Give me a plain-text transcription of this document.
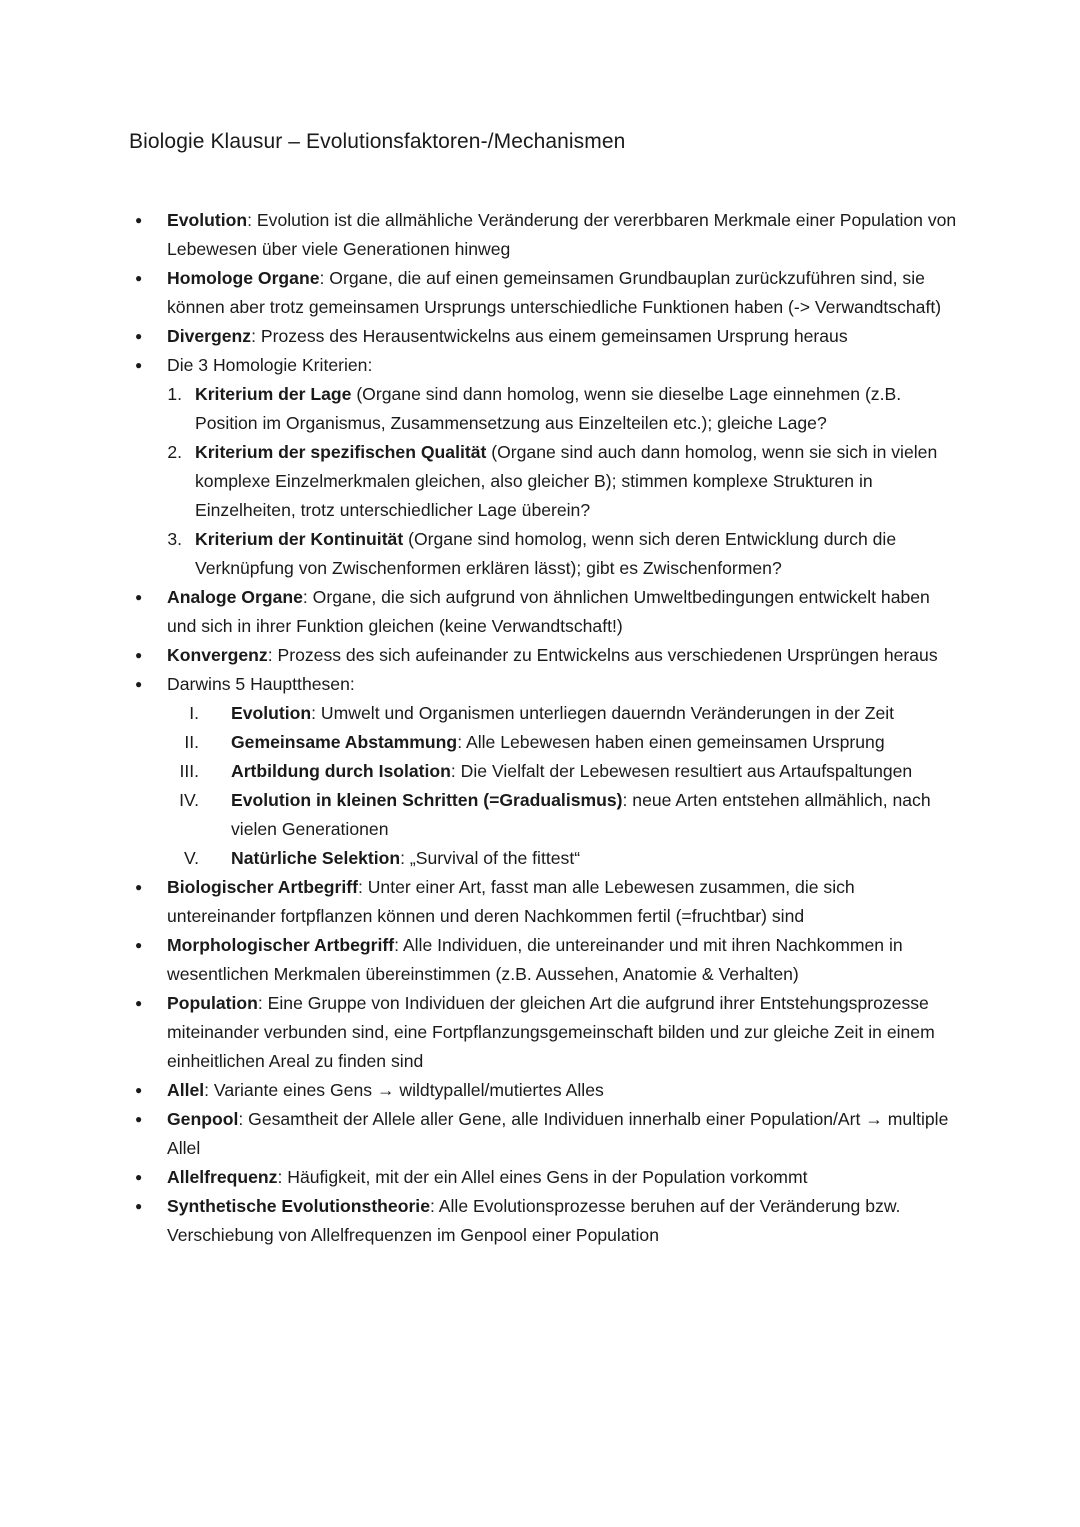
Biologie Klausur – Evolutionsfaktoren-/Mechanismen
● Evolution: Evolution ist die allmähliche Veränderung der vererbbaren Merkmale einer Population von Lebewesen über viele Generationen hinweg
● Homologe Organe: Organe, die auf einen gemeinsamen Grundbauplan zurückzuführen sind, sie können aber trotz gemeinsamen Ursprungs unterschiedliche Funktionen haben (-> Verwandtschaft)
● Divergenz: Prozess des Herausentwickelns aus einem gemeinsamen Ursprung heraus
● Die 3 Homologie Kriterien:
1. Kriterium der Lage (Organe sind dann homolog, wenn sie dieselbe Lage einnehmen (z.B. Position im Organismus, Zusammensetzung aus Einzelteilen etc.); gleiche Lage?
2. Kriterium der spezifischen Qualität (Organe sind auch dann homolog, wenn sie sich in vielen komplexe Einzelmerkmalen gleichen, also gleicher B); stimmen komplexe Strukturen in Einzelheiten, trotz unterschiedlicher Lage überein?
3. Kriterium der Kontinuität (Organe sind homolog, wenn sich deren Entwicklung durch die Verknüpfung von Zwischenformen erklären lässt); gibt es Zwischenformen?
● Analoge Organe: Organe, die sich aufgrund von ähnlichen Umweltbedingungen entwickelt haben und sich in ihrer Funktion gleichen (keine Verwandtschaft!)
● Konvergenz: Prozess des sich aufeinander zu Entwickelns aus verschiedenen Ursprüngen heraus
● Darwins 5 Hauptthesen:
I. Evolution: Umwelt und Organismen unterliegen dauerndn Veränderungen in der Zeit
II. Gemeinsame Abstammung: Alle Lebewesen haben einen gemeinsamen Ursprung
III. Artbildung durch Isolation: Die Vielfalt der Lebewesen resultiert aus Artaufspaltungen
IV. Evolution in kleinen Schritten (=Gradualismus): neue Arten entstehen allmählich, nach vielen Generationen
V. Natürliche Selektion: „Survival of the fittest“
● Biologischer Artbegriff: Unter einer Art, fasst man alle Lebewesen zusammen, die sich untereinander fortpflanzen können und deren Nachkommen fertil (=fruchtbar) sind
● Morphologischer Artbegriff: Alle Individuen, die untereinander und mit ihren Nachkommen in wesentlichen Merkmalen übereinstimmen (z.B. Aussehen, Anatomie & Verhalten)
● Population: Eine Gruppe von Individuen der gleichen Art die aufgrund ihrer Entstehungsprozesse miteinander verbunden sind, eine Fortpflanzungsgemeinschaft bilden und zur gleiche Zeit in einem einheitlichen Areal zu finden sind
● Allel: Variante eines Gens → wildtypallel/mutiertes Alles
● Genpool: Gesamtheit der Allele aller Gene, alle Individuen innerhalb einer Population/Art → multiple Allel
● Allelfrequenz: Häufigkeit, mit der ein Allel eines Gens in der Population vorkommt
● Synthetische Evolutionstheorie: Alle Evolutionsprozesse beruhen auf der Veränderung bzw. Verschiebung von Allelfrequenzen im Genpool einer Population
